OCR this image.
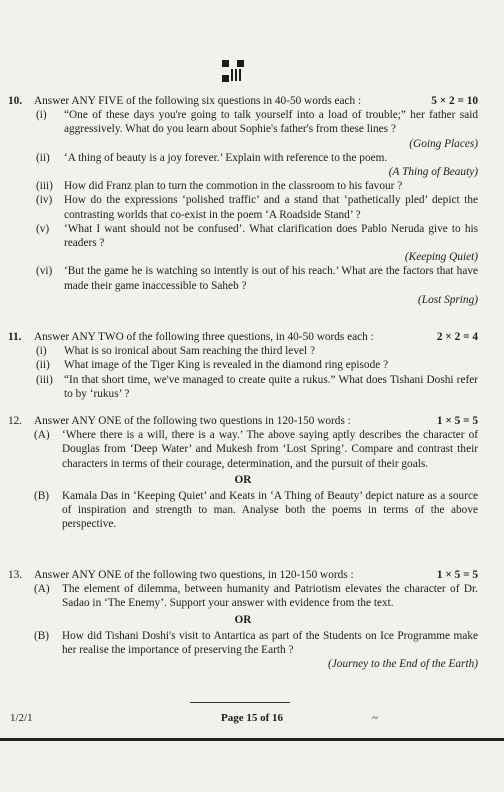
10.	Answer ANY FIVE of the following six questions in 40-50 words each :	5 × 2 = 10
(i)	“One of these days you're going to talk yourself into a load of trouble;” her father said aggressively. What do you learn about Sophie's father's from these lines ?
(Going Places)
(ii)	‘A thing of beauty is a joy forever.’ Explain with reference to the poem.
(A Thing of Beauty)
(iii) How did Franz plan to turn the commotion in the classroom to his favour ?
(iv)	How do the expressions ‘polished traffic’ and a stand that ‘pathetically pled’ depict the contrasting worlds that co-exist in the poem ‘A Roadside Stand’ ?
(v)	‘What I want should not be confused’. What clarification does Pablo Neruda give to his readers ?
(Keeping Quiet)
(vi)	‘But the game he is watching so intently is out of his reach.’ What are the factors that have made their game inaccessible to Saheb ?
(Lost Spring)
11.	Answer ANY TWO of the following three questions, in 40-50 words each :	2 × 2 = 4
(i)	What is so ironical about Sam reaching the third level ?
(ii)	What image of the Tiger King is revealed in the diamond ring episode ?
(iii) “In that short time, we've managed to create quite a rukus.” What does Tishani Doshi refer to by ‘rukus’ ?
12.	Answer ANY ONE of the following two questions in 120-150 words :	1 × 5 = 5
(A)	‘Where there is a will, there is a way.’ The above saying aptly describes the character of Douglas from ‘Deep Water’ and Mukesh from ‘Lost Spring’. Compare and contrast their characters in terms of their courage, determination, and the pursuit of their goals.
OR
(B)	Kamala Das in ‘Keeping Quiet’ and Keats in ‘A Thing of Beauty’ depict nature as a source of inspiration and strength to man. Analyse both the poems in terms of the above perspective.
13.	Answer ANY ONE of the following two questions, in 120-150 words :	1 × 5 = 5
(A)	The element of dilemma, between humanity and Patriotism elevates the character of Dr. Sadao in ‘The Enemy’. Support your answer with evidence from the text.
OR
(B)	How did Tishani Doshi's visit to Antartica as part of the Students on Ice Programme make her realise the importance of preserving the Earth ?
(Journey to the End of the Earth)
1/2/1	Page 15 of 16	~
